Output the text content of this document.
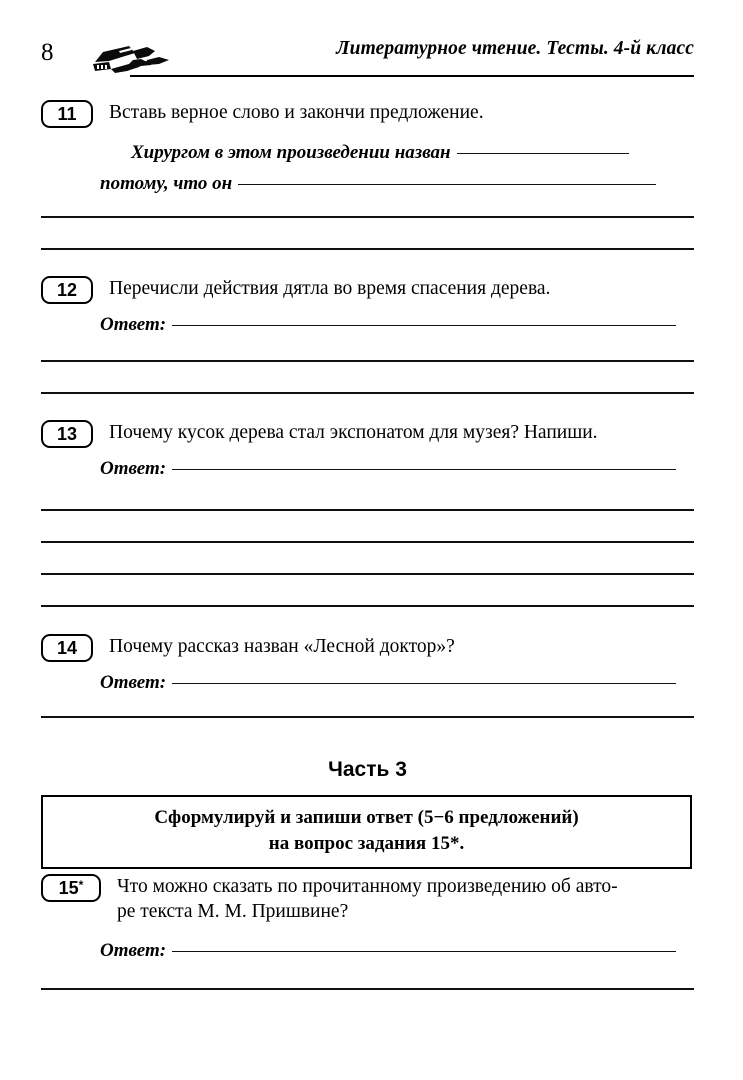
8	Литературное чтение. Тесты. 4-й класс
11	Вставь верное слово и закончи предложение.
Хирургом в этом произведении назван
потому, что он
12	Перечисли действия дятла во время спасения дерева.
Ответ:
13	Почему кусок дерева стал экспонатом для музея? Напиши.
Ответ:
14	Почему рассказ назван «Лесной доктор»?
Ответ:
Часть 3
Сформулируй и запиши ответ (5−6 предложений)
на вопрос задания 15*.
15*	Что можно сказать по прочитанному произведению об авто-
ре текста М. М. Пришвине?
Ответ:
